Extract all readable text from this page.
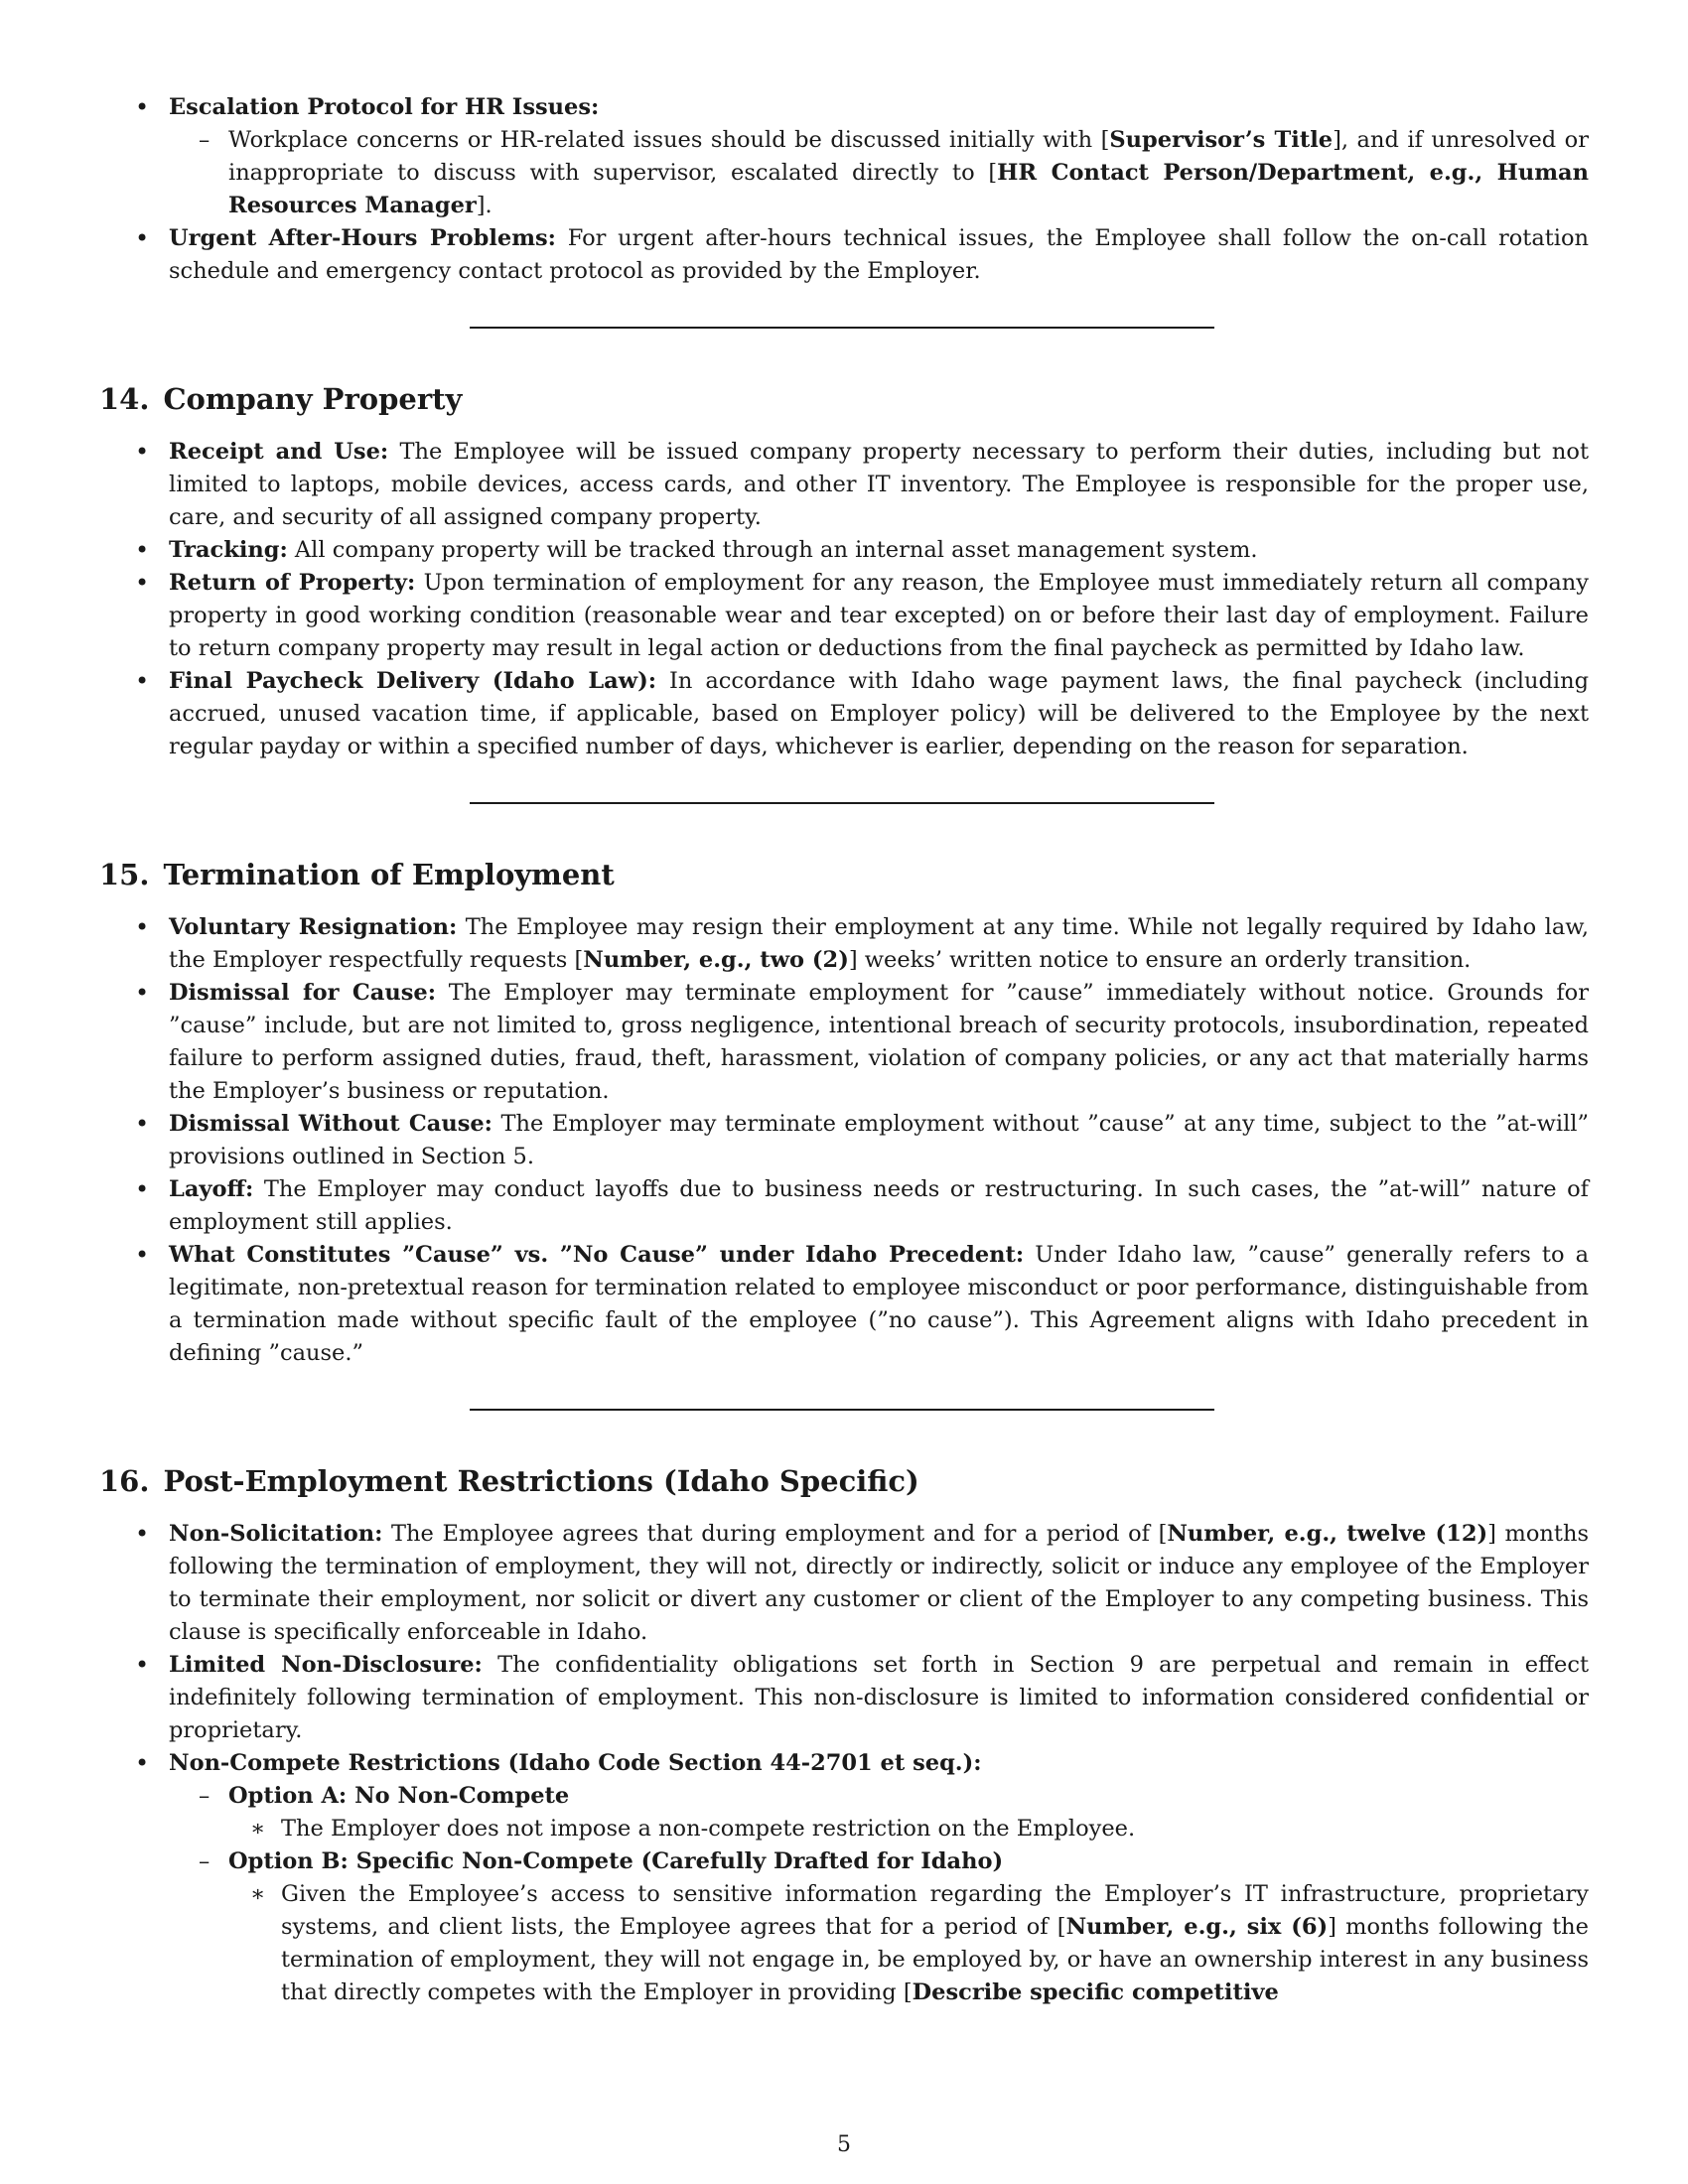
• Escalation Protocol for HR Issues:
– Workplace concerns or HR-related issues should be discussed initially with [Supervisor’s Title], and if unresolved or inappropriate to discuss with supervisor, escalated directly to [HR Contact Person/Department, e.g., Human Resources Manager].
• Urgent After-Hours Problems: For urgent after-hours technical issues, the Employee shall follow the on-call rotation schedule and emergency contact protocol as provided by the Employer.
14. Company Property
• Receipt and Use: The Employee will be issued company property necessary to perform their duties, including but not limited to laptops, mobile devices, access cards, and other IT inventory. The Employee is responsible for the proper use, care, and security of all assigned company property.
• Tracking: All company property will be tracked through an internal asset management system.
• Return of Property: Upon termination of employment for any reason, the Employee must immediately return all company property in good working condition (reasonable wear and tear excepted) on or before their last day of employment. Failure to return company property may result in legal action or deductions from the final paycheck as permitted by Idaho law.
• Final Paycheck Delivery (Idaho Law): In accordance with Idaho wage payment laws, the final paycheck (including accrued, unused vacation time, if applicable, based on Employer policy) will be delivered to the Employee by the next regular payday or within a specified number of days, whichever is earlier, depending on the reason for separation.
15. Termination of Employment
• Voluntary Resignation: The Employee may resign their employment at any time. While not legally required by Idaho law, the Employer respectfully requests [Number, e.g., two (2)] weeks’ written notice to ensure an orderly transition.
• Dismissal for Cause: The Employer may terminate employment for ”cause” immediately without notice. Grounds for ”cause” include, but are not limited to, gross negligence, intentional breach of security protocols, insubordination, repeated failure to perform assigned duties, fraud, theft, harassment, violation of company policies, or any act that materially harms the Employer’s business or reputation.
• Dismissal Without Cause: The Employer may terminate employment without ”cause” at any time, subject to the ”at-will” provisions outlined in Section 5.
• Layoff: The Employer may conduct layoffs due to business needs or restructuring. In such cases, the ”at-will” nature of employment still applies.
• What Constitutes ”Cause” vs. ”No Cause” under Idaho Precedent: Under Idaho law, ”cause” generally refers to a legitimate, non-pretextual reason for termination related to employee misconduct or poor performance, distinguishable from a termination made without specific fault of the employee (”no cause”). This Agreement aligns with Idaho precedent in defining ”cause.”
16. Post-Employment Restrictions (Idaho Specific)
• Non-Solicitation: The Employee agrees that during employment and for a period of [Number, e.g., twelve (12)] months following the termination of employment, they will not, directly or indirectly, solicit or induce any employee of the Employer to terminate their employment, nor solicit or divert any customer or client of the Employer to any competing business. This clause is specifically enforceable in Idaho.
• Limited Non-Disclosure: The confidentiality obligations set forth in Section 9 are perpetual and remain in effect indefinitely following termination of employment. This non-disclosure is limited to information considered confidential or proprietary.
• Non-Compete Restrictions (Idaho Code Section 44-2701 et seq.):
– Option A: No Non-Compete
∗ The Employer does not impose a non-compete restriction on the Employee.
– Option B: Specific Non-Compete (Carefully Drafted for Idaho)
∗ Given the Employee’s access to sensitive information regarding the Employer’s IT infrastructure, proprietary systems, and client lists, the Employee agrees that for a period of [Number, e.g., six (6)] months following the termination of employment, they will not engage in, be employed by, or have an ownership interest in any business that directly competes with the Employer in providing [Describe specific competitive
5
